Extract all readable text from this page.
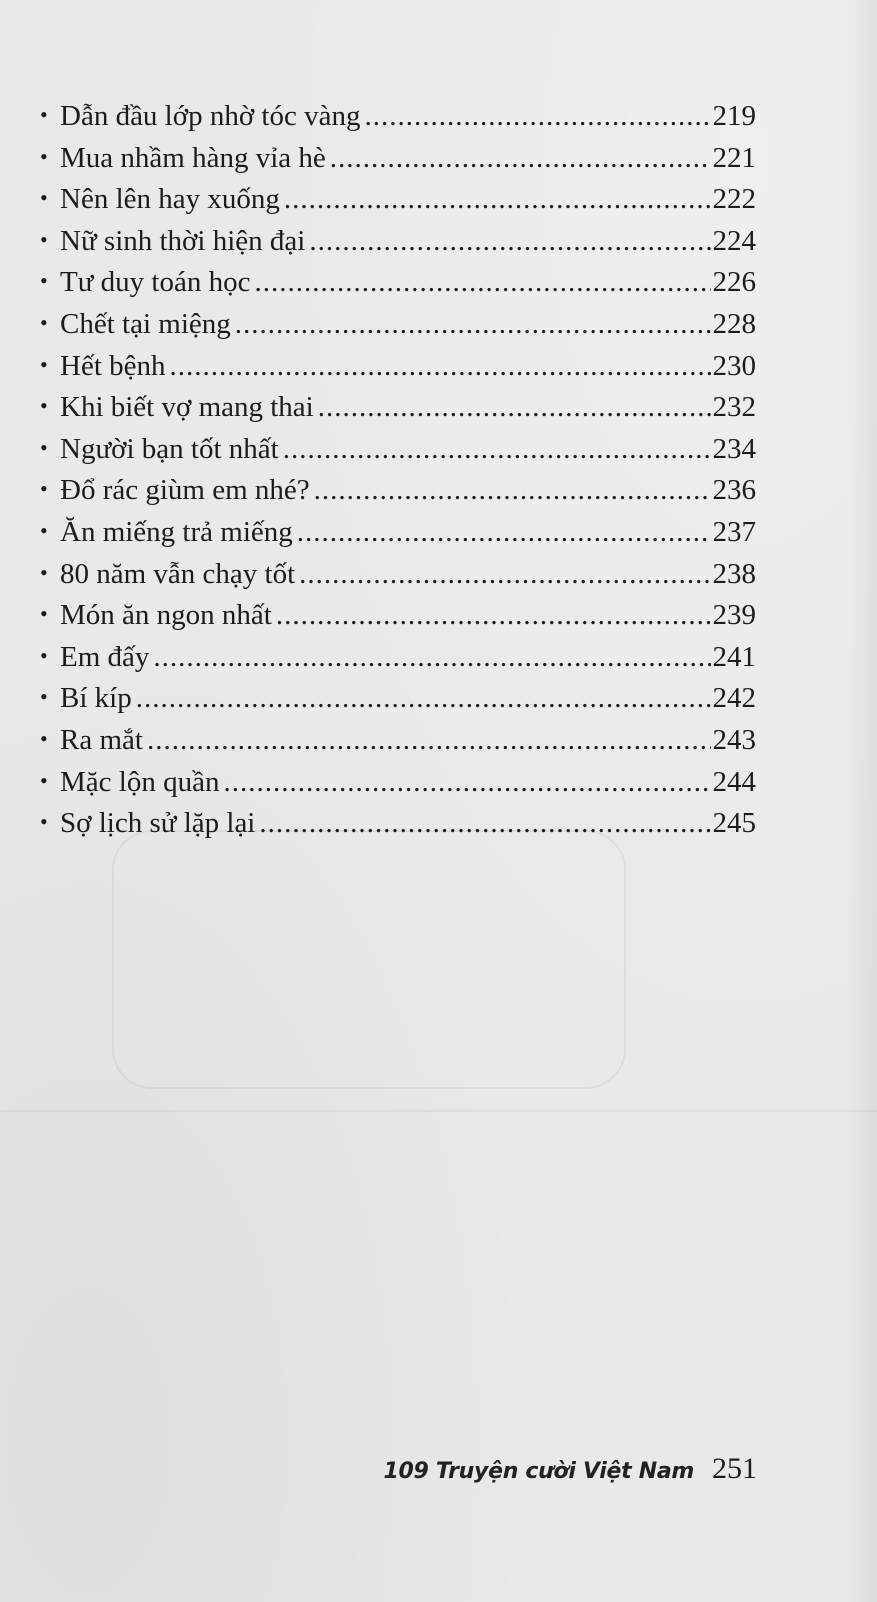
• Dẫn đầu lớp nhờ tóc vàng .....	219
• Mua nhầm hàng vỉa hè .....	221
• Nên lên hay xuống .....	222
• Nữ sinh thời hiện đại .....	224
• Tư duy toán học .....	226
• Chết tại miệng .....	228
• Hết bệnh .....	230
• Khi biết vợ mang thai .....	232
• Người bạn tốt nhất .....	234
• Đổ rác giùm em nhé? .....	236
• Ăn miếng trả miếng .....	237
• 80 năm vẫn chạy tốt .....	238
• Món ăn ngon nhất .....	239
• Em đấy .....	241
• Bí kíp .....	242
• Ra mắt .....	243
• Mặc lộn quần .....	244
• Sợ lịch sử lặp lại .....	245
109 Truyện cười Việt Nam 251
